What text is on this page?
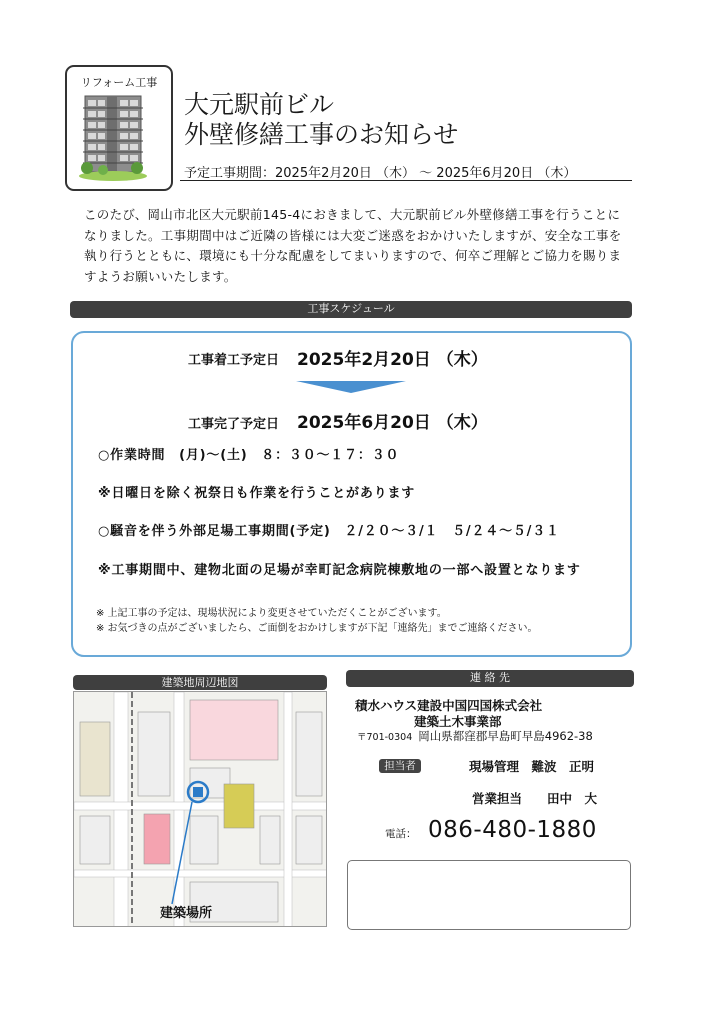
リフォーム工事
大元駅前ビル
外壁修繕工事のお知らせ
予定工事期間：2025年2月20日 （木） ～ 2025年6月20日 （木）
このたび、岡山市北区大元駅前145-4におきまして、大元駅前ビル外壁修繕工事を行うことになりました。工事期間中はご近隣の皆様には大変ご迷惑をおかけいたしますが、安全な工事を執り行うとともに、環境にも十分な配慮をしてまいりますので、何卒ご理解とご協力を賜りますようお願いいたします。
工事スケジュール
工事着工予定日 2025年2月20日 （木）
工事完了予定日 2025年6月20日 （木）
○作業時間　(月)～(土)　８：３０～１７：３０
※日曜日を除く祝祭日も作業を行うことがあります
○騒音を伴う外部足場工事期間(予定)　２/２０～３/１　５/２４～５/３１
※工事期間中、建物北面の足場が幸町記念病院棟敷地の一部へ設置となります
※ 上記工事の予定は、現場状況により変更させていただくことがございます。
※ お気づきの点がございましたら、ご面倒をおかけしますが下記「連絡先」までご連絡ください。
建築地周辺地図
建築場所
連 絡 先
積水ハウス建設中国四国株式会社
建築土木事業部
〒701-0304 岡山県都窪郡早島町早島4962-38
担当者	現場管理　難波　正明
営業担当　　田中　大
電話： 086-480-1880
